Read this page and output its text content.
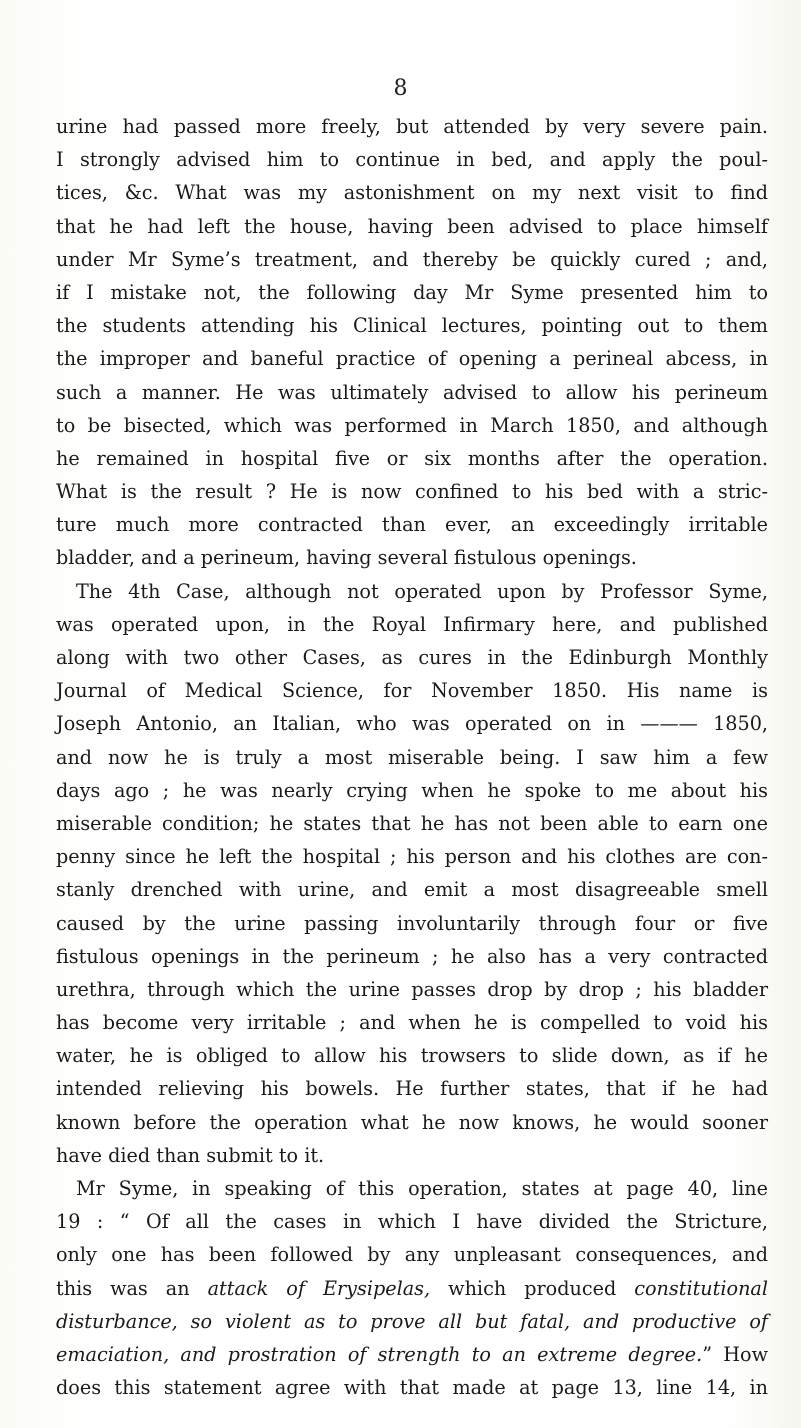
8
urine had passed more freely, but attended by very severe pain.
I strongly advised him to continue in bed, and apply the poul-
tices, &c. What was my astonishment on my next visit to find
that he had left the house, having been advised to place himself
under Mr Syme’s treatment, and thereby be quickly cured ; and,
if I mistake not, the following day Mr Syme presented him to
the students attending his Clinical lectures, pointing out to them
the improper and baneful practice of opening a perineal abcess, in
such a manner. He was ultimately advised to allow his perineum
to be bisected, which was performed in March 1850, and although
he remained in hospital five or six months after the operation.
What is the result ? He is now confined to his bed with a stric-
ture much more contracted than ever, an exceedingly irritable
bladder, and a perineum, having several fistulous openings.
The 4th Case, although not operated upon by Professor Syme,
was operated upon, in the Royal Infirmary here, and published
along with two other Cases, as cures in the Edinburgh Monthly
Journal of Medical Science, for November 1850. His name is
Joseph Antonio, an Italian, who was operated on in ——— 1850,
and now he is truly a most miserable being. I saw him a few
days ago ; he was nearly crying when he spoke to me about his
miserable condition; he states that he has not been able to earn one
penny since he left the hospital ; his person and his clothes are con-
stanly drenched with urine, and emit a most disagreeable smell
caused by the urine passing involuntarily through four or five
fistulous openings in the perineum ; he also has a very contracted
urethra, through which the urine passes drop by drop ; his bladder
has become very irritable ; and when he is compelled to void his
water, he is obliged to allow his trowsers to slide down, as if he
intended relieving his bowels. He further states, that if he had
known before the operation what he now knows, he would sooner
have died than submit to it.
Mr Syme, in speaking of this operation, states at page 40, line
19 : “ Of all the cases in which I have divided the Stricture,
only one has been followed by any unpleasant consequences, and
this was an attack of Erysipelas, which produced constitutional
disturbance, so violent as to prove all but fatal, and productive of
emaciation, and prostration of strength to an extreme degree.” How
does this statement agree with that made at page 13, line 14, in
